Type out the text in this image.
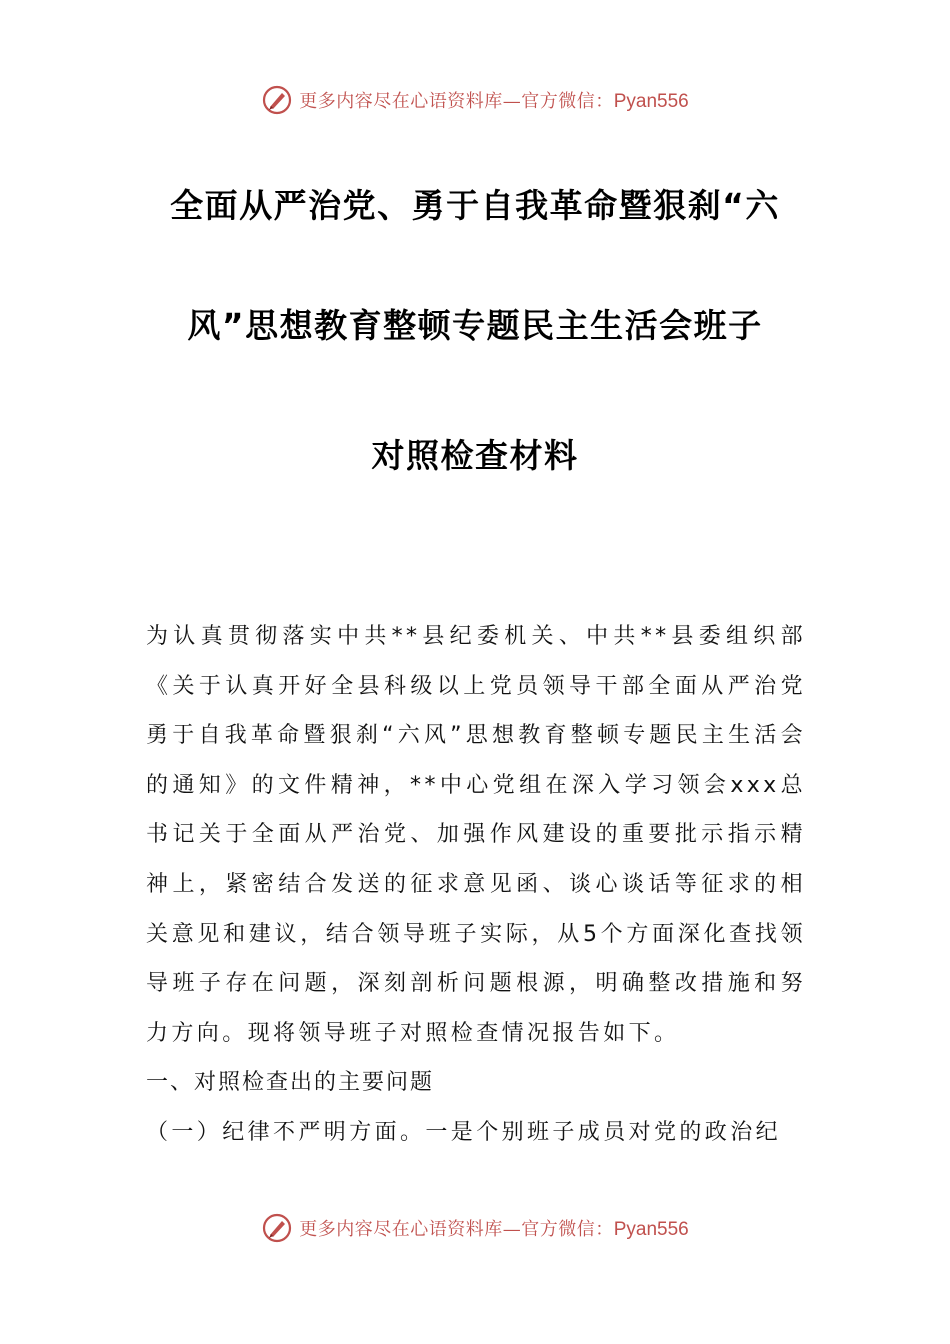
更多内容尽在心语资料库—官方微信：Pyan556
全面从严治党、勇于自我革命暨狠刹“六
风”思想教育整顿专题民主生活会班子
对照检查材料

为认真贯彻落实中共**县纪委机关、中共**县委组织部《关于认真开好全县科级以上党员领导干部全面从严治党勇于自我革命暨狠刹“六风”思想教育整顿专题民主生活会的通知》的文件精神，**中心党组在深入学习领会xxx总书记关于全面从严治党、加强作风建设的重要批示指示精神上，紧密结合发送的征求意见函、谈心谈话等征求的相关意见和建议，结合领导班子实际，从5个方面深化查找领导班子存在问题，深刻剖析问题根源，明确整改措施和努力方向。现将领导班子对照检查情况报告如下。

一、对照检查出的主要问题

（一）纪律不严明方面。一是个别班子成员对党的政治纪

更多内容尽在心语资料库—官方微信：Pyan556
